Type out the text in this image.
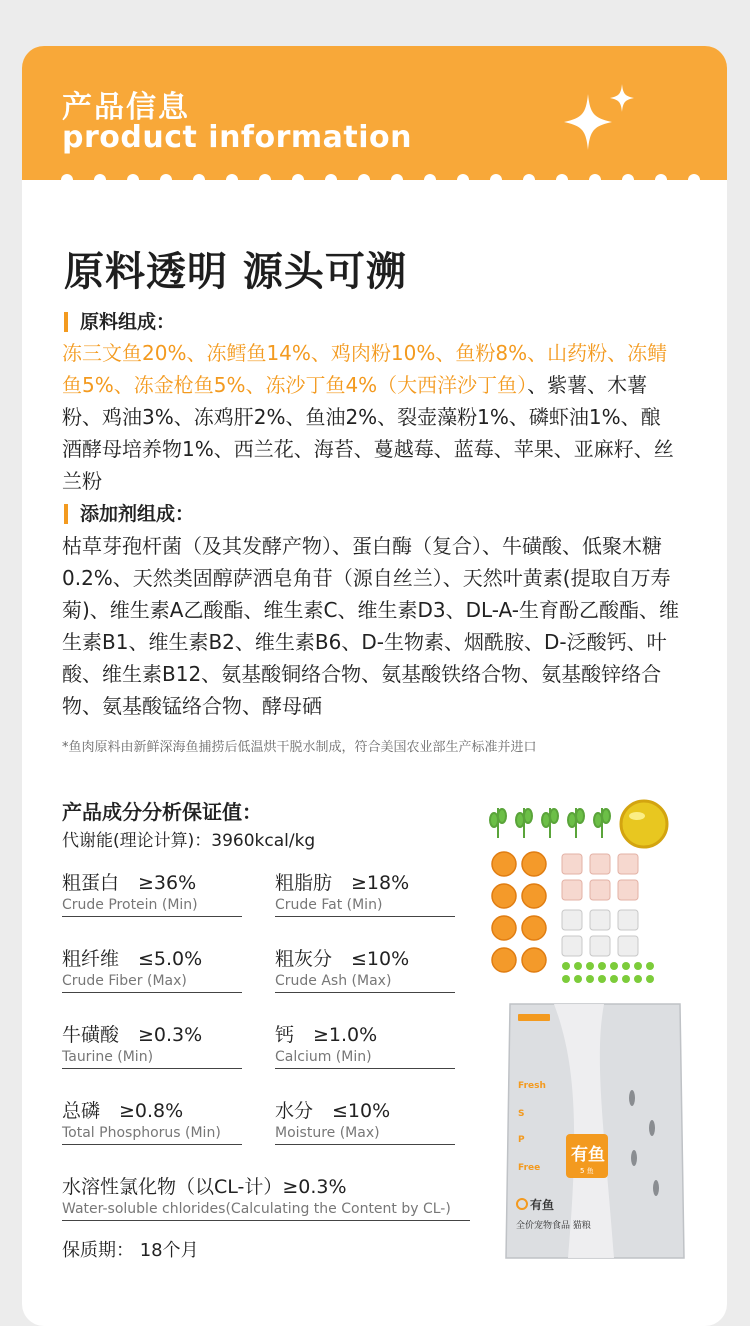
产品信息
product information
原料透明 源头可溯
原料组成：
冻三文鱼20%、冻鳕鱼14%、鸡肉粉10%、鱼粉8%、山药粉、冻鲭鱼5%、冻金枪鱼5%、冻沙丁鱼4%（大西洋沙丁鱼）、紫薯、木薯粉、鸡油3%、冻鸡肝2%、鱼油2%、裂壶藻粉1%、磷虾油1%、酿酒酵母培养物1%、西兰花、海苔、蔓越莓、蓝莓、苹果、亚麻籽、丝兰粉
添加剂组成：
枯草芽孢杆菌（及其发酵产物）、蛋白酶（复合）、牛磺酸、低聚木糖0.2%、天然类固醇萨洒皂角苷（源自丝兰）、天然叶黄素(提取自万寿菊)、维生素A乙酸酯、维生素C、维生素D3、DL-A-生育酚乙酸酯、维生素B1、维生素B2、维生素B6、D-生物素、烟酰胺、D-泛酸钙、叶酸、维生素B12、氨基酸铜络合物、氨基酸铁络合物、氨基酸锌络合物、氨基酸锰络合物、酵母硒
*鱼肉原料由新鲜深海鱼捕捞后低温烘干脱水制成，符合美国农业部生产标准并进口
产品成分分析保证值：
代谢能(理论计算)：3960kcal/kg
粗蛋白　≥36%
Crude Protein (Min)
粗脂肪　≥18%
Crude Fat (Min)
粗纤维　≤5.0%
Crude Fiber (Max)
粗灰分　≤10%
Crude Ash (Max)
牛磺酸　≥0.3%
Taurine (Min)
钙　≥1.0%
Calcium (Min)
总磷　≥0.8%
Total Phosphorus (Min)
水分　≤10%
Moisture (Max)
水溶性氯化物（以CL-计）≥0.3%
Water-soluble chlorides(Calculating the Content by CL-)
保质期： 18个月
Fresh
S
P
Free
有鱼
5 鱼
有鱼
全价宠物食品 猫粮
